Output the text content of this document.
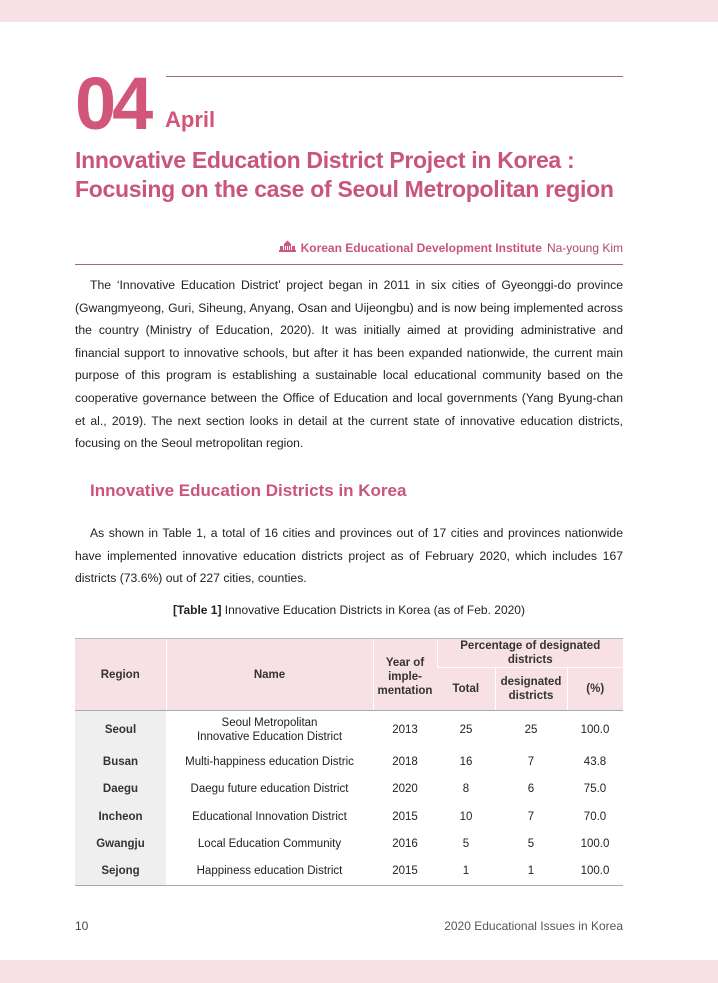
04 April
Innovative Education District Project in Korea :
Focusing on the case of Seoul Metropolitan region
Korean Educational Development Institute Na-young Kim
The ‘Innovative Education District’ project began in 2011 in six cities of Gyeonggi-do province (Gwangmyeong, Guri, Siheung, Anyang, Osan and Uijeongbu) and is now being implemented across the country (Ministry of Education, 2020). It was initially aimed at providing administrative and financial support to innovative schools, but after it has been expanded nationwide, the current main purpose of this program is establishing a sustainable local educational community based on the cooperative governance between the Office of Education and local governments (Yang Byung-chan et al., 2019). The next section looks in detail at the current state of innovative education districts, focusing on the Seoul metropolitan region.
Innovative Education Districts in Korea
As shown in Table 1, a total of 16 cities and provinces out of 17 cities and provinces nationwide have implemented innovative education districts project as of February 2020, which includes 167 districts (73.6%) out of 227 cities, counties.
[Table 1] Innovative Education Districts in Korea (as of Feb. 2020)
Region	Name	Year of imple-mentation	Percentage of designated districts		
			Total	designated districts	(%)
Seoul	Seoul Metropolitan Innovative Education District	2013	25	25	100.0
Busan	Multi-happiness education Distric	2018	16	7	43.8
Daegu	Daegu future education District	2020	8	6	75.0
Incheon	Educational Innovation District	2015	10	7	70.0
Gwangju	Local Education Community	2016	5	5	100.0
Sejong	Happiness education District	2015	1	1	100.0
10	2020 Educational Issues in Korea
